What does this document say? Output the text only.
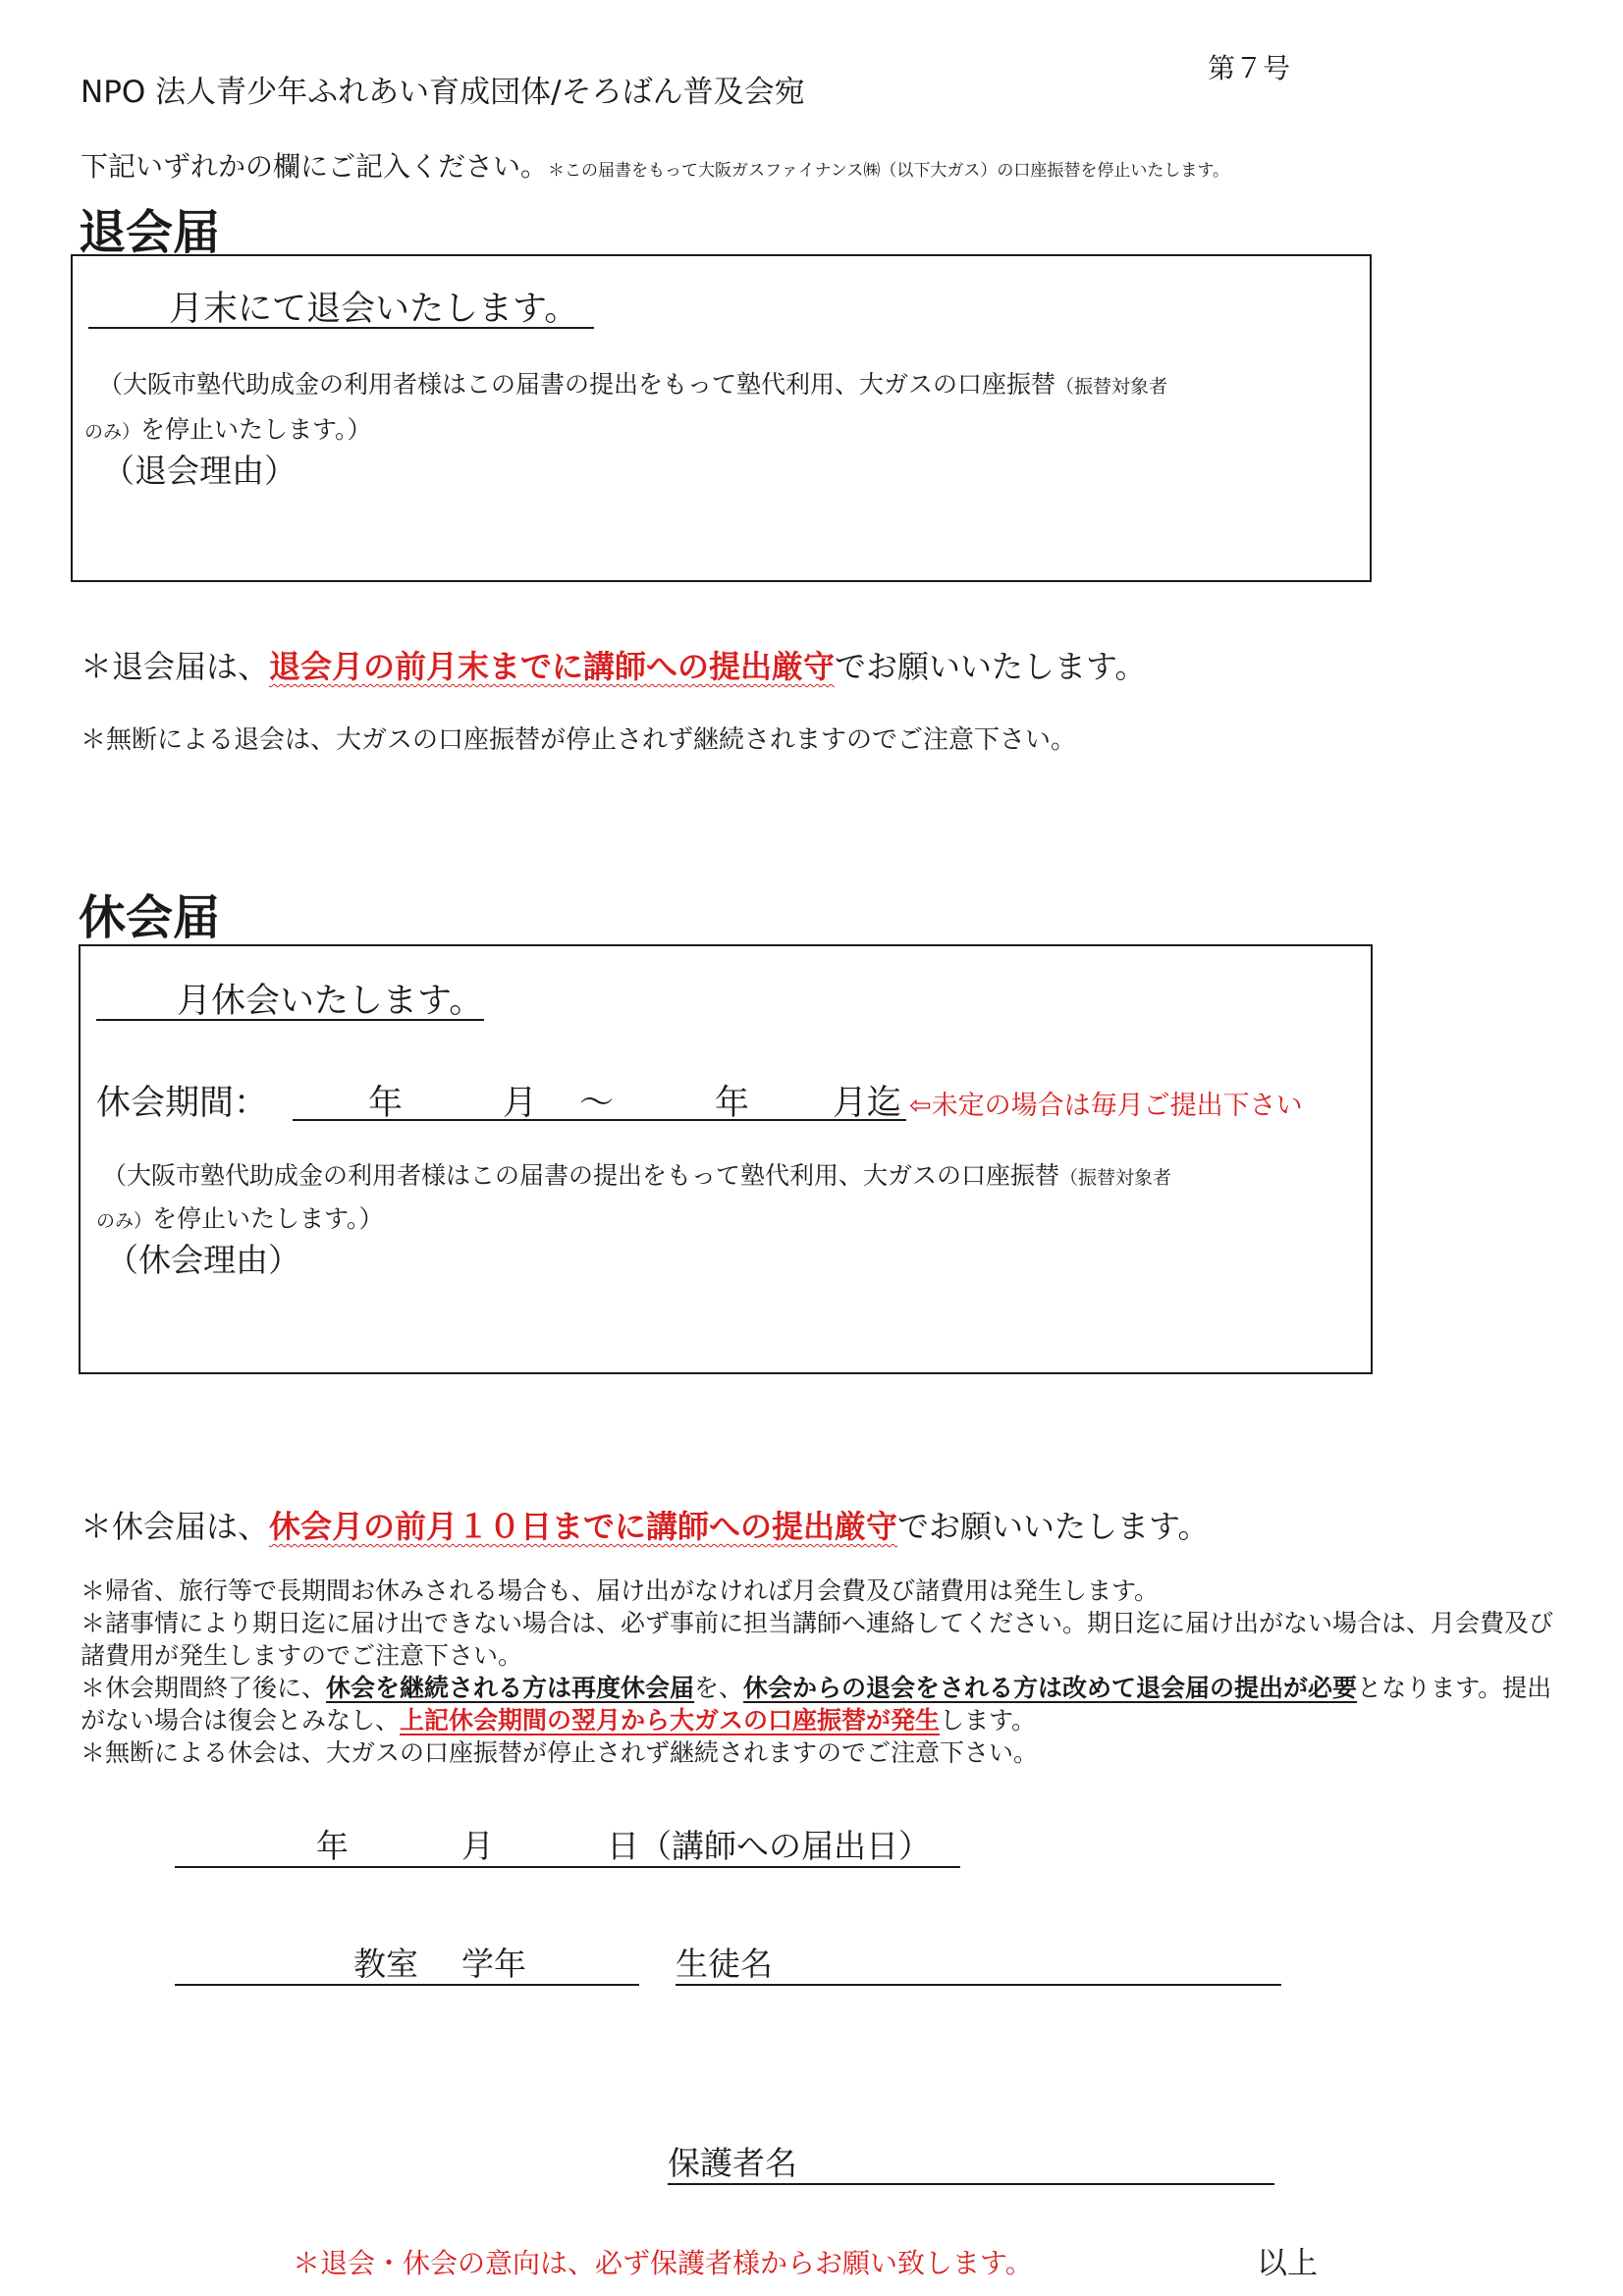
NPO 法人青少年ふれあい育成団体/そろばん普及会宛
第７号
下記いずれかの欄にご記入ください。＊この届書をもって大阪ガスファイナンス㈱（以下大ガス）の口座振替を停止いたします。
退会届
月末にて退会いたします。
（大阪市塾代助成金の利用者様はこの届書の提出をもって塾代利用、大ガスの口座振替（振替対象者
のみ）を停止いたします。）
（退会理由）
＊退会届は、退会月の前月末までに講師への提出厳守でお願いいたします。
＊無断による退会は、大ガスの口座振替が停止されず継続されますのでご注意下さい。
休会届
月休会いたします。
休会期間：	年	月 ～	年 月迄 ⇦未定の場合は毎月ご提出下さい
（大阪市塾代助成金の利用者様はこの届書の提出をもって塾代利用、大ガスの口座振替（振替対象者
のみ）を停止いたします。）
（休会理由）
＊休会届は、休会月の前月１０日までに講師への提出厳守でお願いいたします。
＊帰省、旅行等で長期間お休みされる場合も、届け出がなければ月会費及び諸費用は発生します。
＊諸事情により期日迄に届け出できない場合は、必ず事前に担当講師へ連絡してください。期日迄に届け出がない場合は、月会費及び諸費用が発生しますのでご注意下さい。
＊休会期間終了後に、休会を継続される方は再度休会届を、休会からの退会をされる方は改めて退会届の提出が必要となります。提出がない場合は復会とみなし、上記休会期間の翌月から大ガスの口座振替が発生します。
＊無断による休会は、大ガスの口座振替が停止されず継続されますのでご注意下さい。
年	月	日（講師への届出日）
教室 学年	生徒名
保護者名
＊退会・休会の意向は、必ず保護者様からお願い致します。	以上
